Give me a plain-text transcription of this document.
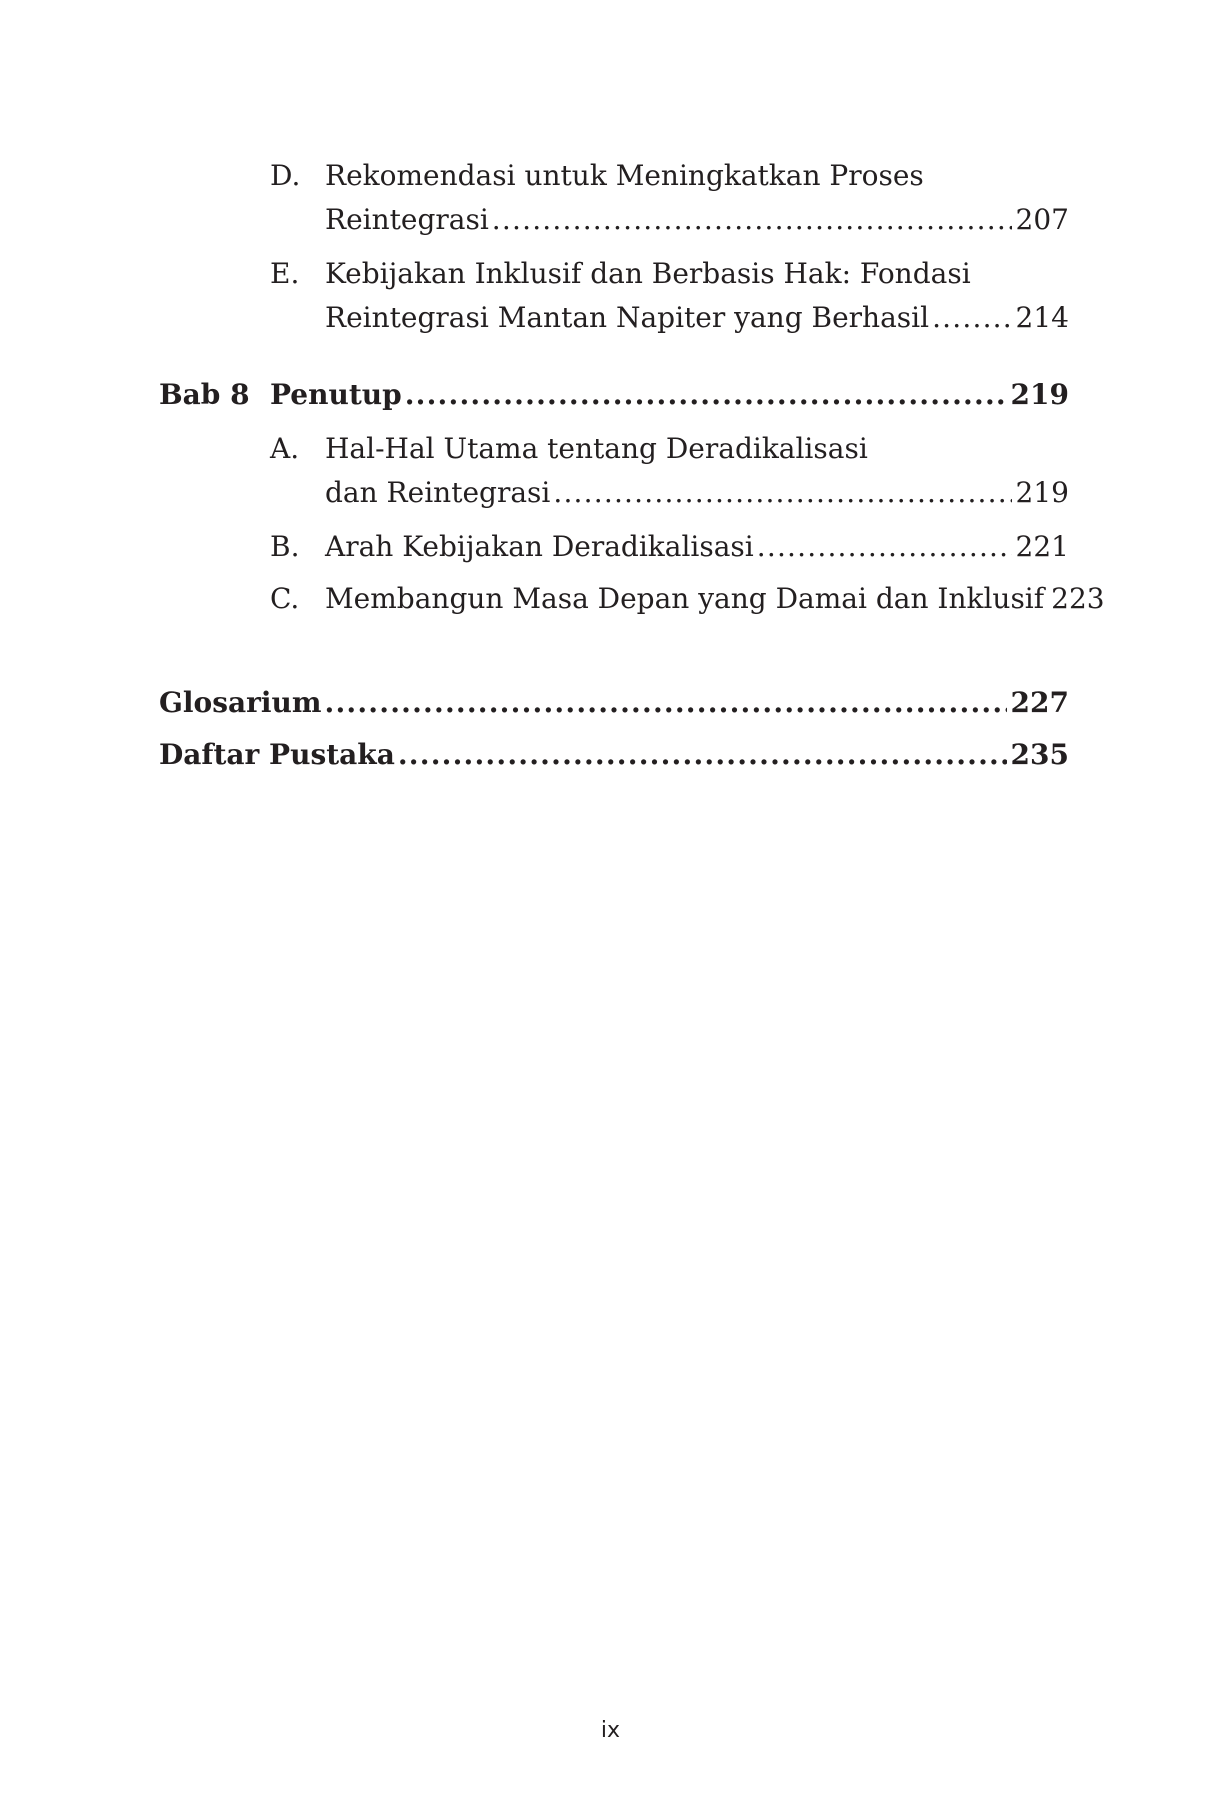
D. Rekomendasi untuk Meningkatkan Proses
Reintegrasi .....	207
E. Kebijakan Inklusif dan Berbasis Hak: Fondasi
Reintegrasi Mantan Napiter yang Berhasil .....	214
Bab 8 Penutup .....	219
A. Hal-Hal Utama tentang Deradikalisasi
dan Reintegrasi .....	219
B. Arah Kebijakan Deradikalisasi .....	221
C. Membangun Masa Depan yang Damai dan Inklusif 223
Glosarium .....	227
Daftar Pustaka .....	235
ix
